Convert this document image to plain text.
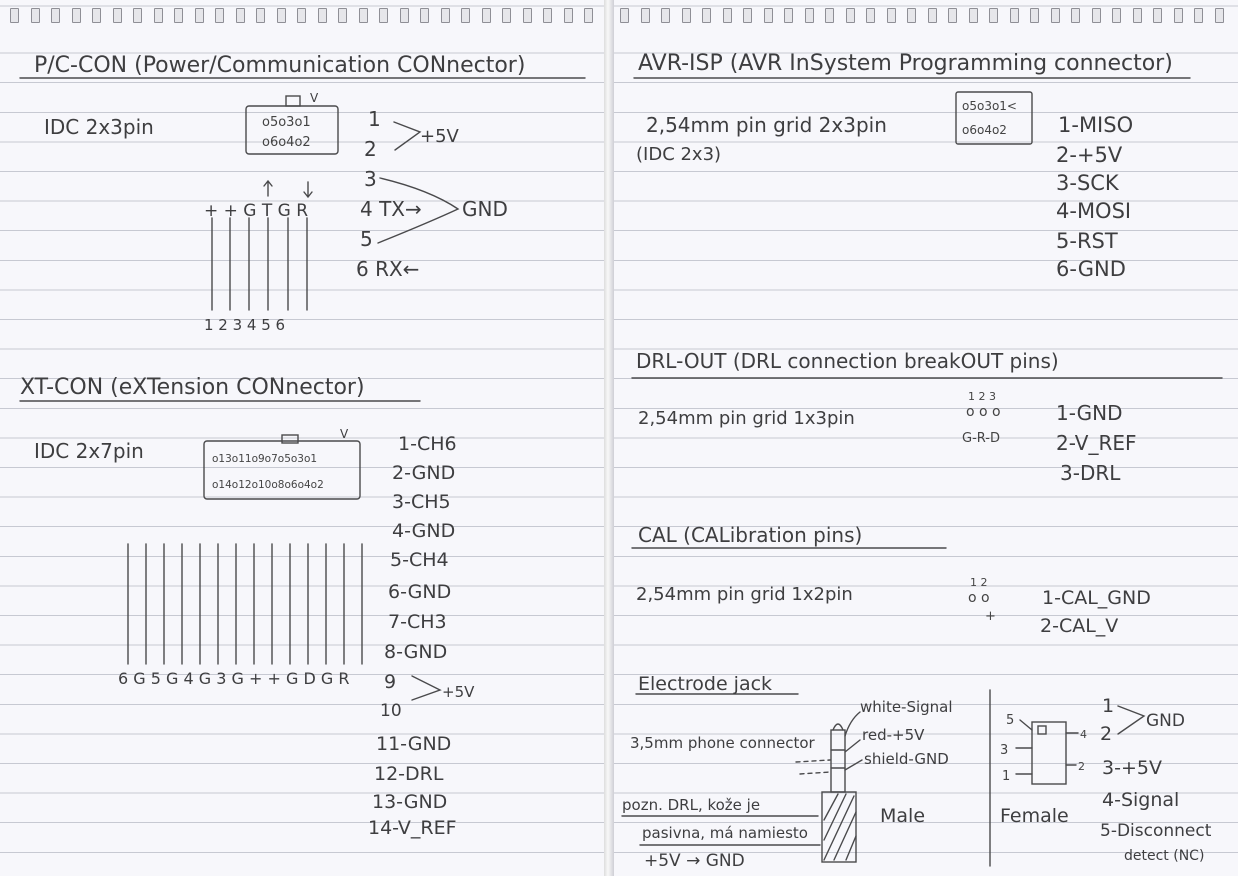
P/C-CON (Power/Communication CONnector)
IDC 2x3pin
V
o5o3o1
o6o4o2
1
2
3
4 TX→
5
6 RX←
+5V
GND
+ + G T G R
1 2 3 4 5 6
XT-CON (eXTension CONnector)
IDC 2x7pin
V
o13o11o9o7o5o3o1
o14o12o10o8o6o4o2
1-CH6
2-GND
3-CH5
4-GND
5-CH4
6-GND
7-CH3
8-GND
9
10
11-GND
12-DRL
13-GND
14-V_REF
+5V
6 G 5 G 4 G 3 G + + G D G R
AVR-ISP (AVR InSystem Programming connector)
2,54mm pin grid 2x3pin
(IDC 2x3)
o5o3o1<
o6o4o2 1-MISO
2-+5V
3-SCK
4-MOSI
5-RST
6-GND
DRL-OUT (DRL connection breakOUT pins)
2,54mm pin grid 1x3pin
1 2 3
o o o
G-R-D
1-GND
2-V_REF
3-DRL
CAL (CALibration pins)
2,54mm pin grid 1x2pin
1 2
o o
+
1-CAL_GND
2-CAL_V
Electrode jack
3,5mm phone connector
white-Signal
red-+5V
shield-GND
Male	Female
pozn. DRL, kože je
pasivna, má namiesto
+5V → GND
5
4
3
2
1
1
2
GND
3-+5V
4-Signal
5-Disconnect
detect (NC)
